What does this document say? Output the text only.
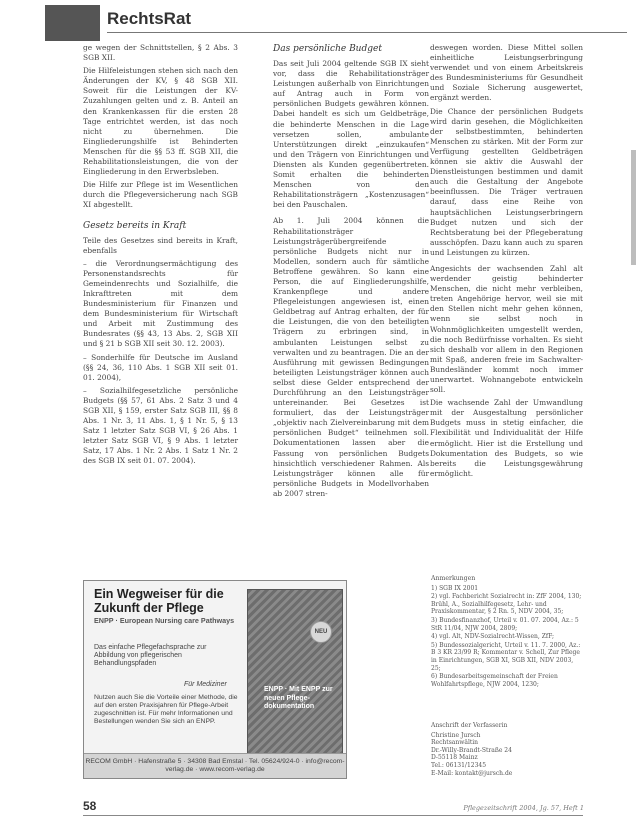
RechtsRat

ge wegen der Schnittstellen, § 2 Abs. 3 SGB XII.

Die Hilfeleistungen stehen sich nach den Änderungen der KV, § 48 SGB XII. Soweit für die Leistungen der KV-Zuzahlungen gelten und z. B. Anteil an den Krankenkassen für die ersten 28 Tage entrichtet werden, ist das noch nicht zu übernehmen. Die Eingliederungshilfe ist Behinderten Menschen für die §§ 53 ff. SGB XII, die Rehabilitationsleistungen, die von der Eingliederung in den Erwerbsleben.

Die Hilfe zur Pflege ist im Wesentlichen durch die Pflegeversicherung nach SGB XI abgestellt.

Gesetz bereits in Kraft

Teile des Gesetzes sind bereits in Kraft, ebenfalls

– die Verordnungsermächtigung des Personenstandsrechts für Gemeindenrechts und Sozialhilfe, die Inkrafttreten mit dem Bundesministerium für Finanzen und dem Bundesministerium für Wirtschaft und Arbeit mit Zustimmung des Bundesrates (§§ 43, 13 Abs. 2, SGB XII und § 21 b SGB XII seit 30. 12. 2003).

– Sonderhilfe für Deutsche im Ausland (§§ 24, 36, 110 Abs. 1 SGB XII seit 01. 01. 2004),

– Sozialhilfegesetzliche persönliche Budgets (§§ 57, 61 Abs. 2 Satz 3 und 4 SGB XII, § 159, erster Satz SGB III, §§ 8 Abs. 1 Nr. 3, 11 Abs. 1, § 1 Nr. 5, § 13 Satz 1 letzter Satz SGB VI, § 26 Abs. 1 letzter Satz SGB VI, § 9 Abs. 1 letzter Satz, 17 Abs. 1 Nr. 2 Abs. 1 Satz 1 Nr. 2 des SGB IX seit 01. 07. 2004).

Das persönliche Budget

Das seit Juli 2004 geltende SGB IX sieht vor, dass die Rehabilitationsträger Leistungen außerhalb von Einrichtungen auf Antrag auch in Form von persönlichen Budgets gewähren können. Dabei handelt es sich um Geldbeträge, die behinderte Menschen in die Lage versetzen sollen, ambulante Unterstützungen direkt „einzukaufen“ und den Trägern von Einrichtungen und Diensten als Kunden gegenübertreten. Somit erhalten die behinderten Menschen von den Rehabilitationsträgern „Kostenzusagen“ bei den Pauschalen.

Ab 1. Juli 2004 können die Rehabilitationsträger Leistungsträgerübergreifende persönliche Budgets nicht nur in Modellen, sondern auch für sämtliche Betroffene gewähren. So kann eine Person, die auf Eingliederungshilfe, Krankenpflege und andere Pflegeleistungen angewiesen ist, einen Geldbetrag auf Antrag erhalten, der für die Leistungen, die von den beteiligten Trägern zu erbringen sind, in ambulanten Leistungen selbst zu verwalten und zu beantragen. Die an der Ausführung mit gewissen Bedingungen beteiligten Leistungsträger können auch selbst diese Gelder entsprechend der Durchführung an den Leistungsträger untereinander. Bei Gesetzes ist formuliert, das der Leistungsträger „objektiv nach Zielvereinbarung mit dem persönlichen Budget“ teilnehmen soll. Dokumentationen lassen aber die Fassung von persönlichen Budgets hinsichtlich verschiedener Rahmen. Als Leistungsträger können alle für persönliche Budgets in Modellvorhaben ab 2007 stren-

deswegen worden. Diese Mittel sollen einheitliche Leistungserbringung verwendet und von einem Arbeitskreis des Bundesministeriums für Gesundheit und Soziale Sicherung ausgewertet, ergänzt werden.

Die Chance der persönlichen Budgets wird darin gesehen, die Möglichkeiten der selbstbestimmten, behinderten Menschen zu stärken. Mit der Form zur Verfügung gestellten Geldbeträgen können sie aktiv die Auswahl der Dienstleistungen bestimmen und damit auch die Gestaltung der Angebote beeinflussen. Die Träger vertrauen darauf, dass eine Reihe von hauptsächlichen Leistungserbringern Budget nutzen und sich der Rechtsberatung bei der Pflegeberatung ausschöpfen. Dazu kann auch zu sparen und Leistungen zu kürzen.

Angesichts der wachsenden Zahl alt werdender geistig behinderter Menschen, die nicht mehr verbleiben, treten Angehörige hervor, weil sie mit den Stellen nicht mehr gehen können, wenn sie selbst noch in Wohnmöglichkeiten umgestellt werden, die noch Bedürfnisse vorhalten. Es sieht sich deshalb vor allem in den Regionen mit Spaß, anderen freie im Sachwalter-Bundesländer kommt noch immer unerwartet. Wohnangebote entwickeln soll.

Die wachsende Zahl der Umwandlung mit der Ausgestaltung persönlicher Budgets muss in stetig einfacher, die Flexibilität und Individualität der Hilfe ermöglicht. Hier ist die Erstellung und Dokumentation des Budgets, so wie bereits die Leistungsgewährung ermöglicht.

Anmerkungen
1) SGB IX 2001
2) vgl. Fachbericht Sozialrecht in: ZfF 2004, 130; Brühl, A., Sozialhilfegesetz, Lehr- und Praxiskommentar, § 2 Rn. 5, NDV 2004, 35;
3) Bundesfinanzhof, Urteil v. 01. 07. 2004, Az.: 5 StR 11/04, NJW 2004, 2809;
4) vgl. Alt, NDV-Sozialrecht-Wissen, ZfF;
5) Bundessozialgericht, Urteil v. 11. 7. 2000, Az.: B 3 KR 23/99 R; Kommentar v. Schell, Zur Pflege in Einrichtungen, SGB XI, SGB XII, NDV 2003, 25;
6) Bundesarbeitsgemeinschaft der Freien Wohlfahrtspflege, NJW 2004, 1230;
Anschrift der Verfasserin
Christine Jursch
Rechtsanwältin
Dr.-Willy-Brandt-Straße 24
D-55118 Mainz
Tel.: 06131/12345
E-Mail: kontakt@jursch.de
Ein Wegweiser für die Zukunft der Pflege
ENPP · European Nursing care Pathways
Das einfache Pflegefachsprache zur Abbildung von pflegerischen Behandlungspfaden
Für Mediziner
Nutzen auch Sie die Vorteile einer Methode, die auf den ersten Praxisjahren für Pflege-Arbeit zugeschnitten ist. Für mehr Informationen und Bestellungen wenden Sie sich an ENPP.
ENPP · Mit ENPP zur neuen Pflege-dokumentation
NEU
RECOM GmbH · Hafenstraße 5 · 34308 Bad Emstal · Tel. 05624/924-0 · info@recom-verlag.de · www.recom-verlag.de
58	Pflegezeitschrift 2004, Jg. 57, Heft 1
